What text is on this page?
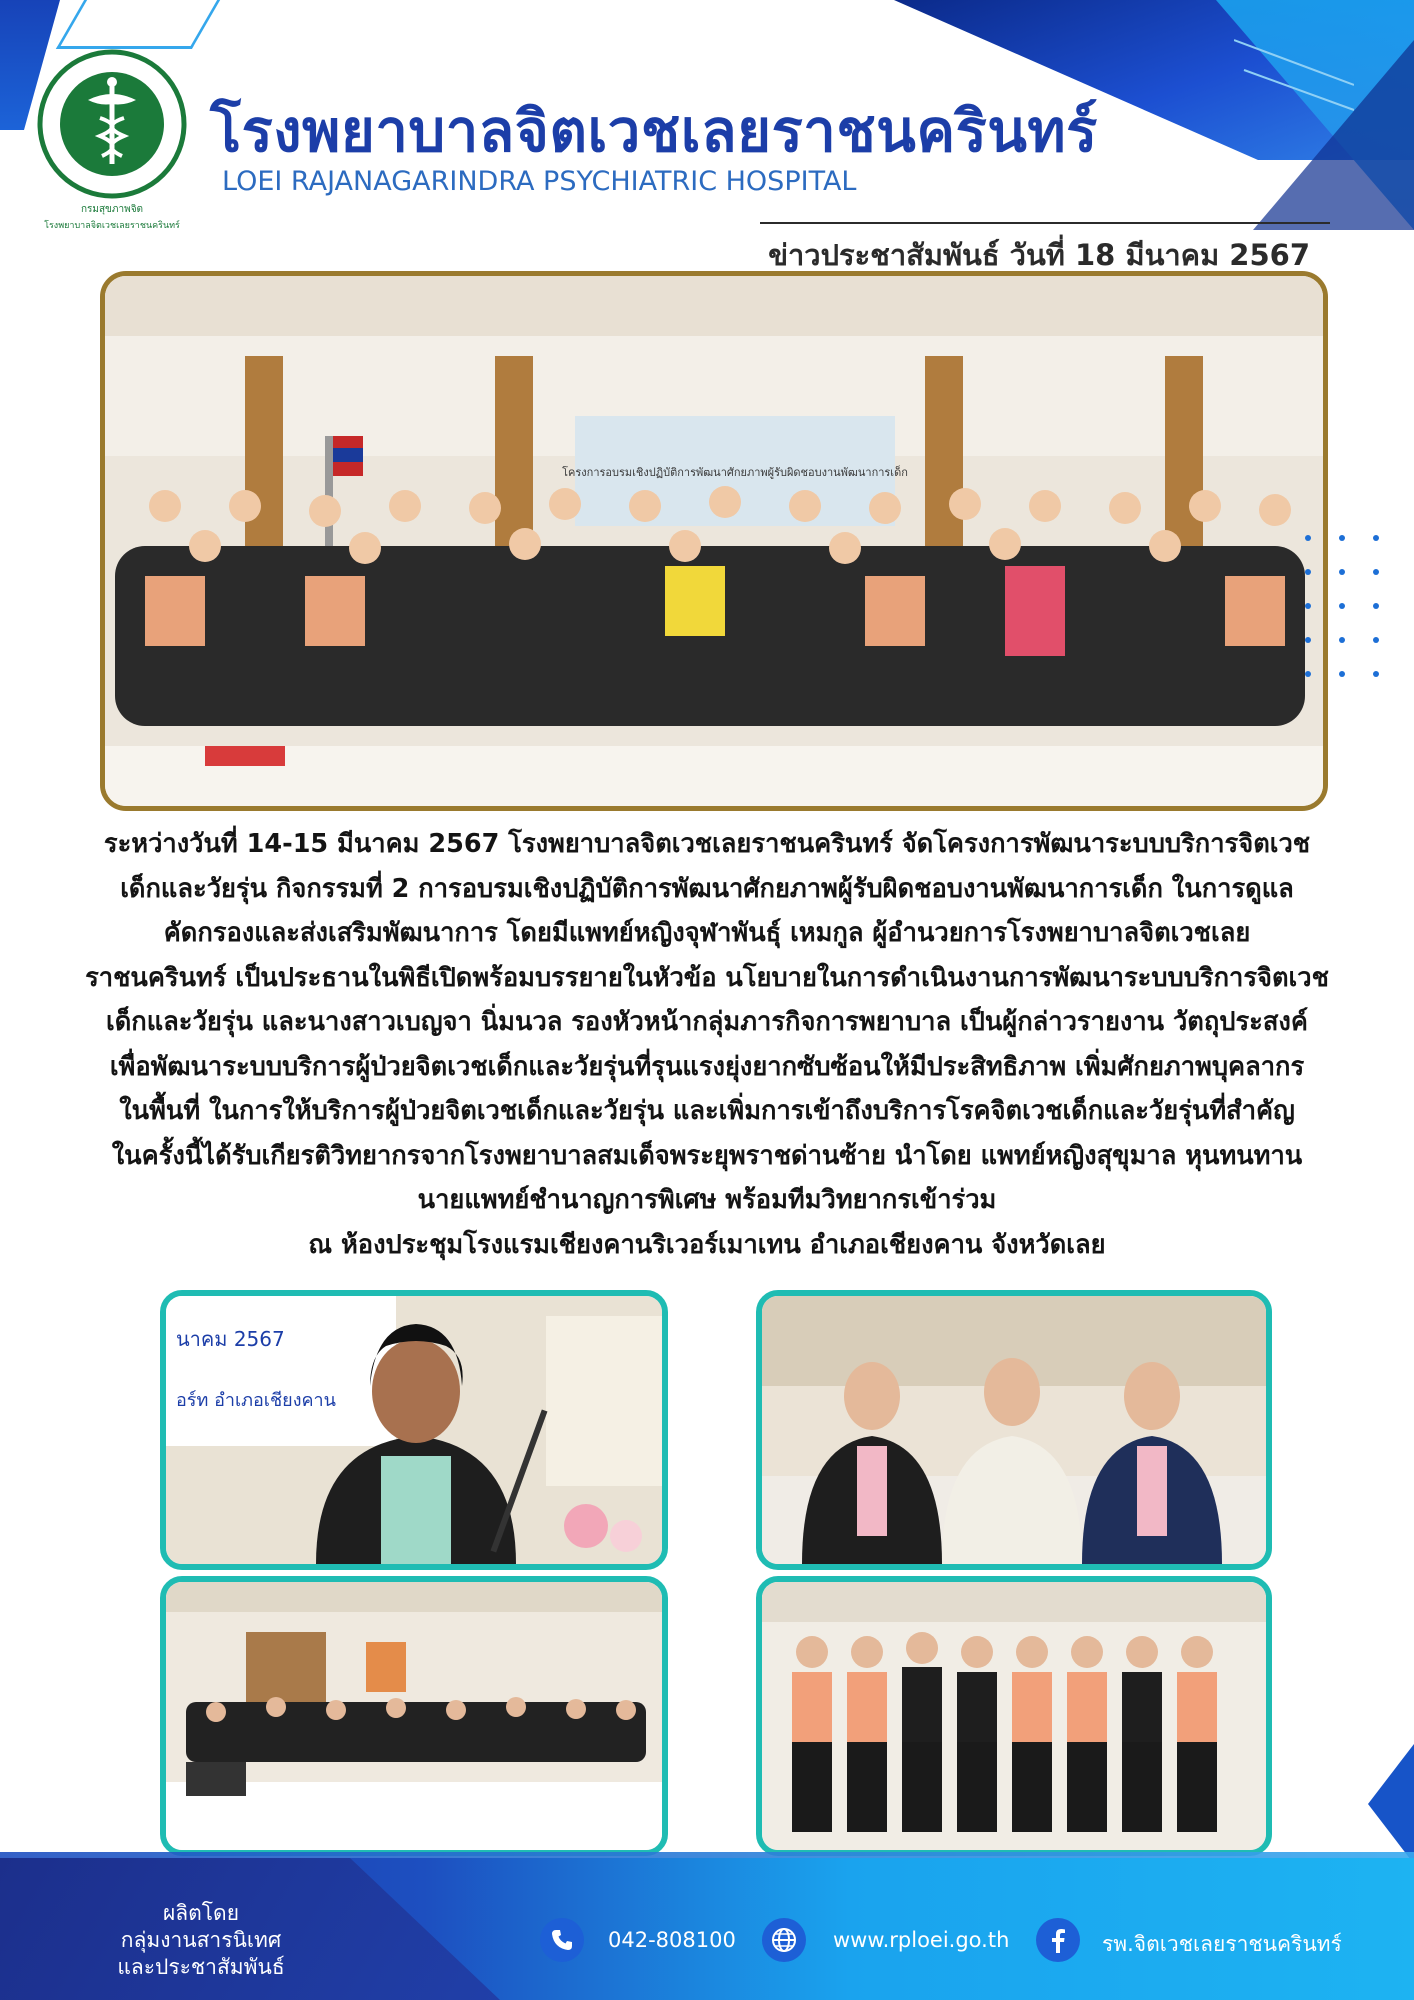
กรมสุขภาพจิต
โรงพยาบาลจิตเวชเลยราชนครินทร์
โรงพยาบาลจิตเวชเลยราชนครินทร์
LOEI RAJANAGARINDRA PSYCHIATRIC HOSPITAL
ข่าวประชาสัมพันธ์ วันที่ 18 มีนาคม 2567
โครงการอบรมเชิงปฏิบัติการพัฒนาศักยภาพผู้รับผิดชอบงานพัฒนาการเด็ก

ระหว่างวันที่ 14-15 มีนาคม 2567 โรงพยาบาลจิตเวชเลยราชนครินทร์ จัดโครงการพัฒนาระบบบริการจิตเวช

เด็กและวัยรุ่น กิจกรรมที่ 2 การอบรมเชิงปฏิบัติการพัฒนาศักยภาพผู้รับผิดชอบงานพัฒนาการเด็ก ในการดูแล

คัดกรองและส่งเสริมพัฒนาการ โดยมีแพทย์หญิงจุฬาพันธุ์ เหมกูล ผู้อำนวยการโรงพยาบาลจิตเวชเลย

ราชนครินทร์ เป็นประธานในพิธีเปิดพร้อมบรรยายในหัวข้อ นโยบายในการดำเนินงานการพัฒนาระบบบริการจิตเวช

เด็กและวัยรุ่น และนางสาวเบญจา นิ่มนวล รองหัวหน้ากลุ่มภารกิจการพยาบาล เป็นผู้กล่าวรายงาน วัตถุประสงค์

เพื่อพัฒนาระบบบริการผู้ป่วยจิตเวชเด็กและวัยรุ่นที่รุนแรงยุ่งยากซับซ้อนให้มีประสิทธิภาพ เพิ่มศักยภาพบุคลากร

ในพื้นที่ ในการให้บริการผู้ป่วยจิตเวชเด็กและวัยรุ่น และเพิ่มการเข้าถึงบริการโรคจิตเวชเด็กและวัยรุ่นที่สำคัญ

ในครั้งนี้ได้รับเกียรติวิทยากรจากโรงพยาบาลสมเด็จพระยุพราชด่านซ้าย นำโดย แพทย์หญิงสุขุมาล หุนทนทาน

นายแพทย์ชำนาญการพิเศษ พร้อมทีมวิทยากรเข้าร่วม

ณ ห้องประชุมโรงแรมเชียงคานริเวอร์เมาเทน อำเภอเชียงคาน จังหวัดเลย

นาคม 2567
อร์ท อำเภอเชียงคาน
ผลิตโดย
กลุ่มงานสารนิเทศ
และประชาสัมพันธ์
042-808100	www.rploei.go.th	รพ.จิตเวชเลยราชนครินทร์
